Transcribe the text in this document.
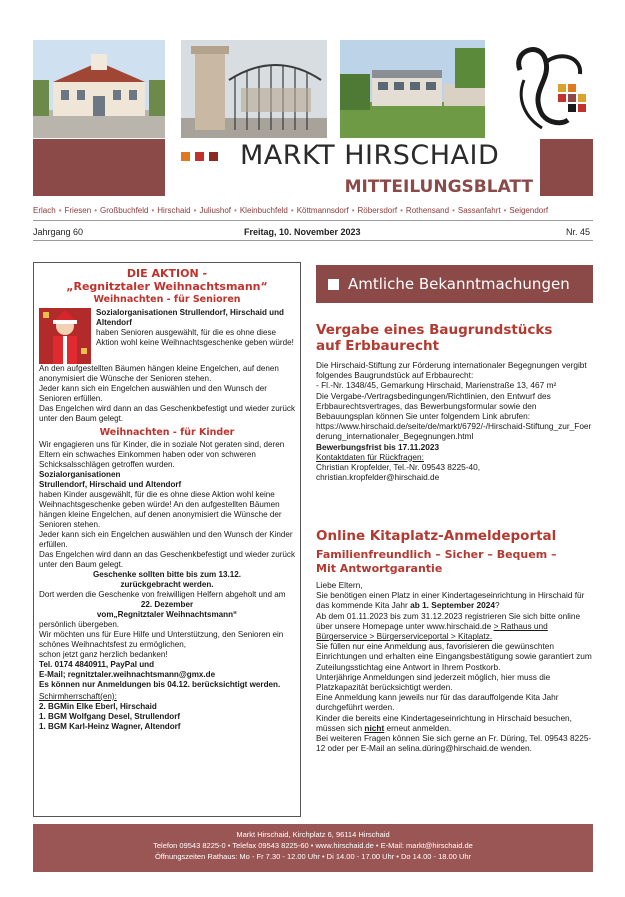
MARKT HIRSCHAID
MITTEILUNGSBLATT
Erlach • Friesen • Großbuchfeld • Hirschaid • Juliushof • Kleinbuchfeld • Köttmannsdorf • Röbersdorf • Rothensand • Sassanfahrt • Seigendorf
Jahrgang 60	Freitag, 10. November 2023	Nr. 45

DIE AKTION -

„Regnitztaler Weihnachtsmann“

Weihnachten - für Senioren

Sozialorganisationen Strullendorf, Hirschaid und Altendorf

haben Senioren ausgewählt, für die es ohne diese Aktion wohl keine Weihnachtsgeschenke geben würde!

An den aufgestellten Bäumen hängen kleine Engelchen, auf denen anonymisiert die Wünsche der Senioren stehen.

Jeder kann sich ein Engelchen auswählen und den Wunsch der Senioren erfüllen.

Das Engelchen wird dann an das Geschenkbefestigt und wieder zurück unter den Baum gelegt.

Weihnachten - für Kinder

Wir engagieren uns für Kinder, die in soziale Not geraten sind, deren Eltern ein schwaches Einkommen haben oder von schweren Schicksalsschlägen getroffen wurden.

Sozialorganisationen

Strullendorf, Hirschaid und Altendorf

haben Kinder ausgewählt, für die es ohne diese Aktion wohl keine Weihnachtsgeschenke geben würde! An den aufgestellten Bäumen hängen kleine Engelchen, auf denen anonymisiert die Wünsche der Senioren stehen.

Jeder kann sich ein Engelchen auswählen und den Wunsch der Kinder erfüllen.

Das Engelchen wird dann an das Geschenkbefestigt und wieder zurück unter den Baum gelegt.

Geschenke sollten bitte bis zum 13.12. zurückgebracht werden.

Dort werden die Geschenke von freiwilligen Helfern abgeholt und am

22. Dezember

vom„Regnitztaler Weihnachtsmann“

persönlich übergeben.

Wir möchten uns für Eure Hilfe und Unterstützung, den Senioren ein schönes Weihnachtsfest zu ermöglichen,

schon jetzt ganz herzlich bedanken!

Tel. 0174 4840911, PayPal und

E-Mail; regnitztaler.weihnachtsmann@gmx.de

Es können nur Anmeldungen bis 04.12. berücksichtigt werden.

Schirmherrschaft(en):

2. BGMin Elke Eberl, Hirschaid

1. BGM Wolfgang Desel, Strullendorf

1. BGM Karl-Heinz Wagner, Altendorf

Amtliche Bekanntmachungen

Vergabe eines Baugrundstücks

auf Erbbaurecht

Die Hirschaid-Stiftung zur Förderung internationaler Begegnungen vergibt folgendes Baugrundstück auf Erbbaurecht:

- Fl.-Nr. 1348/45, Gemarkung Hirschaid, Marienstraße 13, 467 m²

Die Vergabe-/Vertragsbedingungen/Richtlinien, den Entwurf des Erbbaurechtsvertrages, das Bewerbungsformular sowie den Bebauungsplan können Sie unter folgendem Link abrufen:

https://www.hirschaid.de/seite/de/markt/6792/-/Hirschaid-Stiftung_zur_Foerderung_internationaler_Begegnungen.html

Bewerbungsfrist bis 17.11.2023

Kontaktdaten für Rückfragen:

Christian Kropfelder, Tel.-Nr. 09543 8225-40,

christian.kropfelder@hirschaid.de

Online Kitaplatz-Anmeldeportal

Familienfreundlich – Sicher – Bequem –

Mit Antwortgarantie

Liebe Eltern,

Sie benötigen einen Platz in einer Kindertageseinrichtung in Hirschaid für das kommende Kita Jahr ab 1. September 2024?

Ab dem 01.11.2023 bis zum 31.12.2023 registrieren Sie sich bitte online über unsere Homepage unter www.hirschaid.de > Rathaus und Bürgerservice > Bürgerserviceportal > Kitaplatz.

Sie füllen nur eine Anmeldung aus, favorisieren die gewünschten Einrichtungen und erhalten eine Eingangsbestätigung sowie garantiert zum Zuteilungsstichtag eine Antwort in Ihrem Postkorb.

Unterjährige Anmeldungen sind jederzeit möglich, hier muss die Platzkapazität berücksichtigt werden.

Eine Anmeldung kann jeweils nur für das darauffolgende Kita Jahr durchgeführt werden.

Kinder die bereits eine Kindertageseinrichtung in Hirschaid besuchen, müssen sich nicht erneut anmelden.

Bei weiteren Fragen können Sie sich gerne an Fr. Düring, Tel. 09543 8225-12 oder per E-Mail an selina.düring@hirschaid.de wenden.

Markt Hirschaid, Kirchplatz 6, 96114 Hirschaid
Telefon 09543 8225-0 • Telefax 09543 8225-60 • www.hirschaid.de • E-Mail: markt@hirschaid.de
Öffnungszeiten Rathaus: Mo - Fr 7.30 - 12.00 Uhr • Di 14.00 - 17.00 Uhr • Do 14.00 - 18.00 Uhr
